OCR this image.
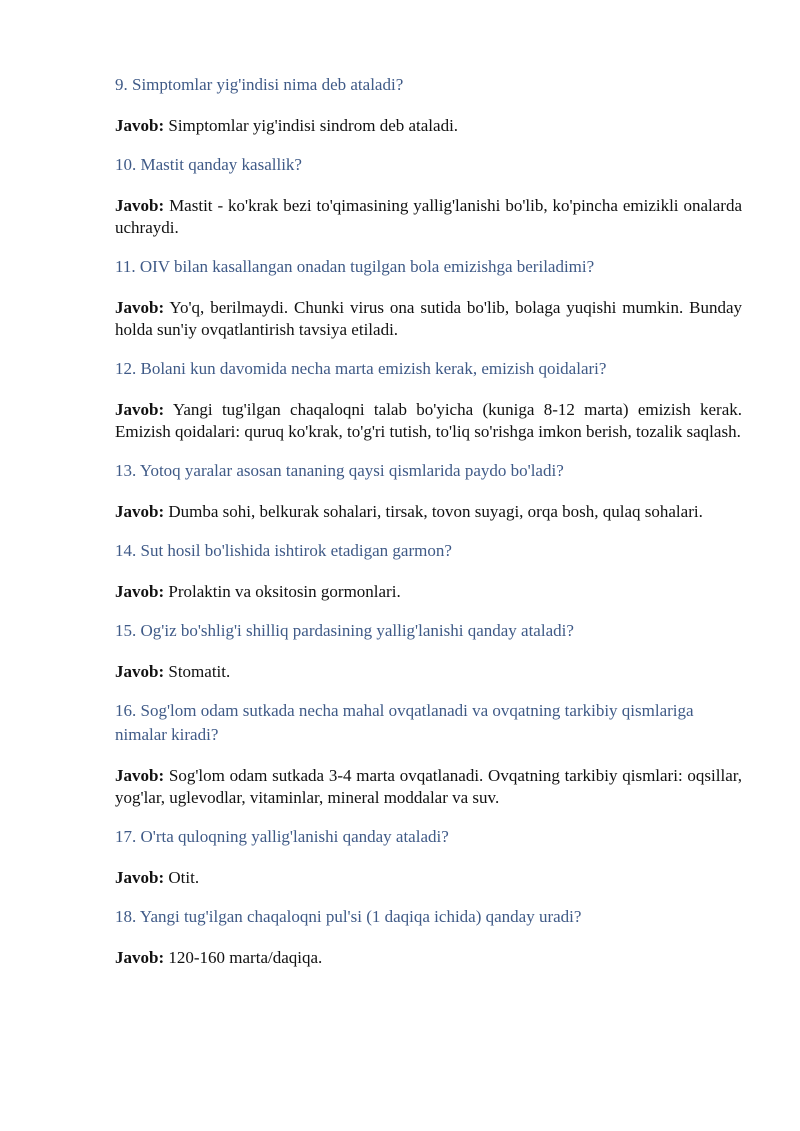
9. Simptomlar yig'indisi nima deb ataladi?

Javob: Simptomlar yig'indisi sindrom deb ataladi.

10. Mastit qanday kasallik?

Javob: Mastit - ko'krak bezi to'qimasining yallig'lanishi bo'lib, ko'pincha emizikli onalarda uchraydi.

11. OIV bilan kasallangan onadan tugilgan bola emizishga beriladimi?

Javob: Yo'q, berilmaydi. Chunki virus ona sutida bo'lib, bolaga yuqishi mumkin. Bunday holda sun'iy ovqatlantirish tavsiya etiladi.

12. Bolani kun davomida necha marta emizish kerak, emizish qoidalari?

Javob: Yangi tug'ilgan chaqaloqni talab bo'yicha (kuniga 8-12 marta) emizish kerak. Emizish qoidalari: quruq ko'krak, to'g'ri tutish, to'liq so'rishga imkon berish, tozalik saqlash.

13. Yotoq yaralar asosan tananing qaysi qismlarida paydo bo'ladi?

Javob: Dumba sohi, belkurak sohalari, tirsak, tovon suyagi, orqa bosh, qulaq sohalari.

14. Sut hosil bo'lishida ishtirok etadigan garmon?

Javob: Prolaktin va oksitosin gormonlari.

15. Og'iz bo'shlig'i shilliq pardasining yallig'lanishi qanday ataladi?

Javob: Stomatit.

16. Sog'lom odam sutkada necha mahal ovqatlanadi va ovqatning tarkibiy qismlariga nimalar kiradi?

Javob: Sog'lom odam sutkada 3-4 marta ovqatlanadi. Ovqatning tarkibiy qismlari: oqsillar, yog'lar, uglevodlar, vitaminlar, mineral moddalar va suv.

17. O'rta quloqning yallig'lanishi qanday ataladi?

Javob: Otit.

18. Yangi tug'ilgan chaqaloqni pul'si (1 daqiqa ichida) qanday uradi?

Javob: 120-160 marta/daqiqa.
